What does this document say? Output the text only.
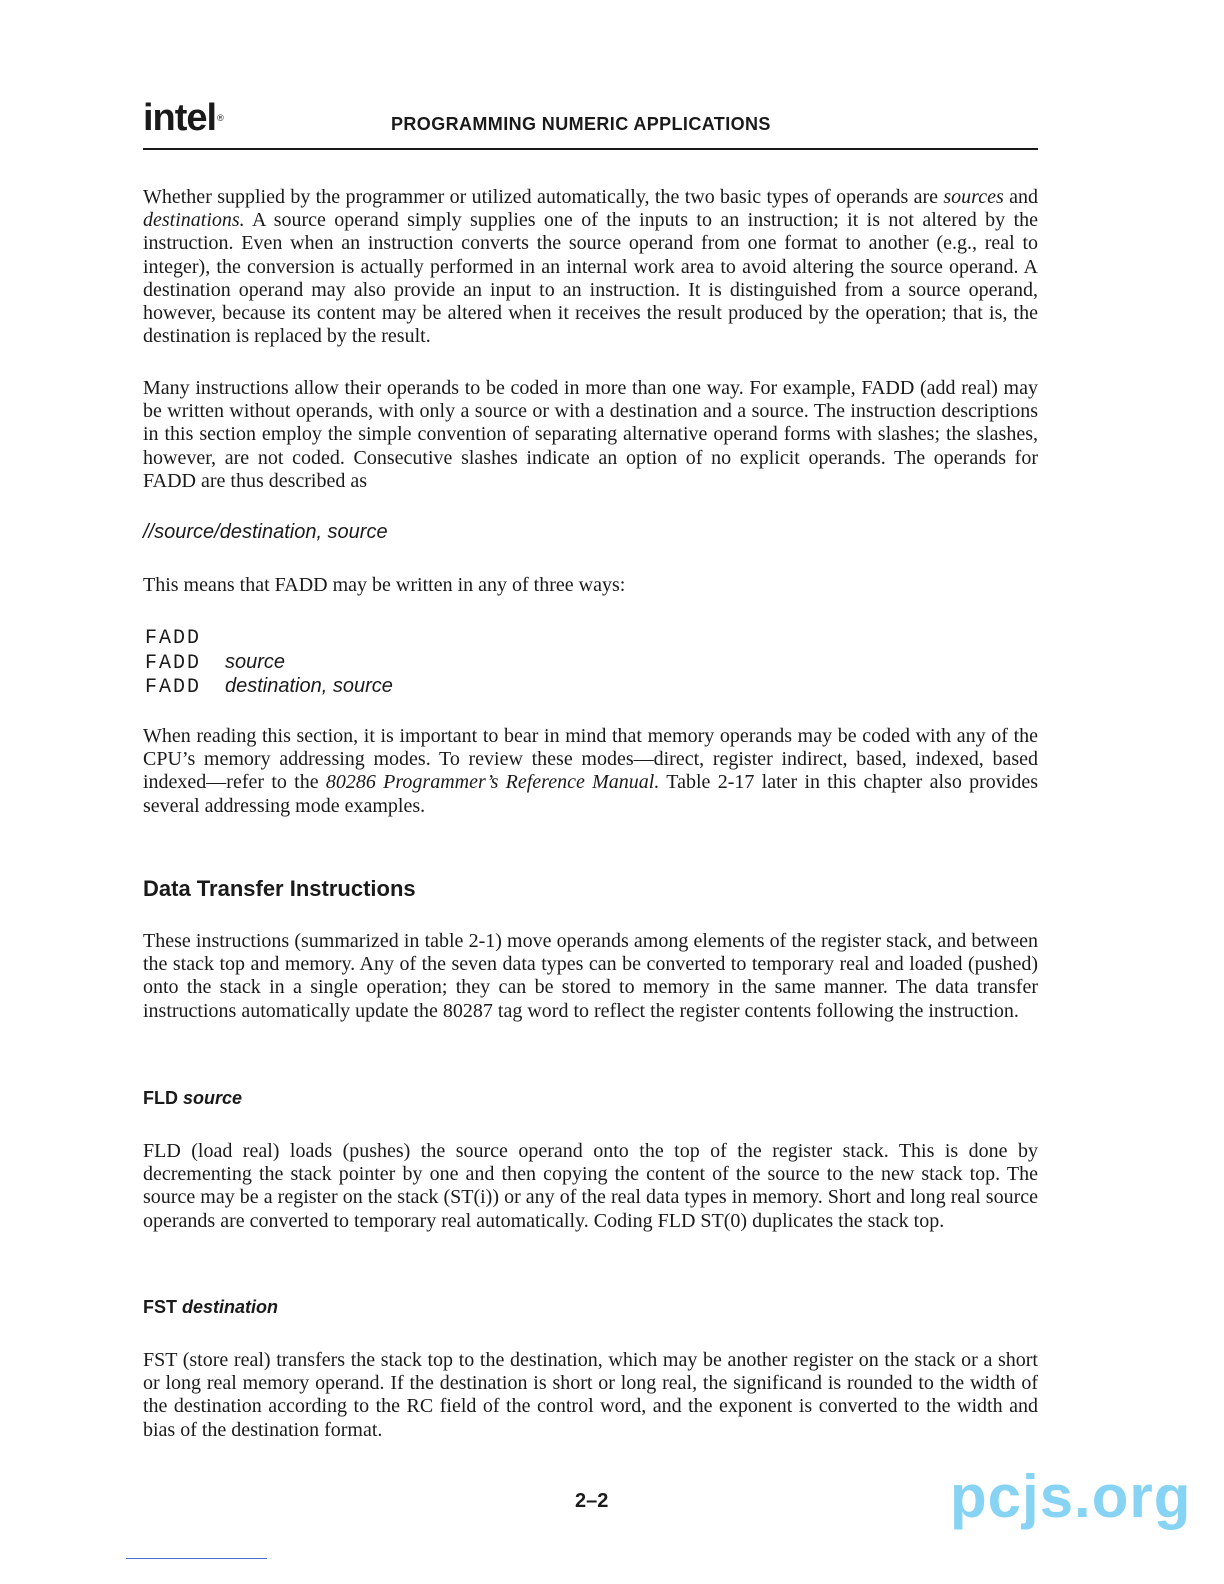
intel®	PROGRAMMING NUMERIC APPLICATIONS

Whether supplied by the programmer or utilized automatically, the two basic types of operands are sources and destinations. A source operand simply supplies one of the inputs to an instruction; it is not altered by the instruction. Even when an instruction converts the source operand from one format to another (e.g., real to integer), the conversion is actually performed in an internal work area to avoid altering the source operand. A destination operand may also provide an input to an instruction. It is distinguished from a source operand, however, because its content may be altered when it receives the result produced by the operation; that is, the destination is replaced by the result.

Many instructions allow their operands to be coded in more than one way. For example, FADD (add real) may be written without operands, with only a source or with a destination and a source. The instruction descriptions in this section employ the simple convention of separating alternative operand forms with slashes; the slashes, however, are not coded. Consecutive slashes indicate an option of no explicit operands. The operands for FADD are thus described as

//source/destination, source

This means that FADD may be written in any of three ways:

FADD
FADD source
FADD destination, source

When reading this section, it is important to bear in mind that memory operands may be coded with any of the CPU’s memory addressing modes. To review these modes—direct, register indirect, based, indexed, based indexed—refer to the 80286 Programmer’s Reference Manual. Table 2-17 later in this chapter also provides several addressing mode examples.

Data Transfer Instructions

These instructions (summarized in table 2-1) move operands among elements of the register stack, and between the stack top and memory. Any of the seven data types can be converted to temporary real and loaded (pushed) onto the stack in a single operation; they can be stored to memory in the same manner. The data transfer instructions automatically update the 80287 tag word to reflect the register contents following the instruction.

FLD source

FLD (load real) loads (pushes) the source operand onto the top of the register stack. This is done by decrementing the stack pointer by one and then copying the content of the source to the new stack top. The source may be a register on the stack (ST(i)) or any of the real data types in memory. Short and long real source operands are converted to temporary real automatically. Coding FLD ST(0) duplicates the stack top.

FST destination

FST (store real) transfers the stack top to the destination, which may be another register on the stack or a short or long real memory operand. If the destination is short or long real, the significand is rounded to the width of the destination according to the RC field of the control word, and the exponent is converted to the width and bias of the destination format.

2–2	pcjs.org
